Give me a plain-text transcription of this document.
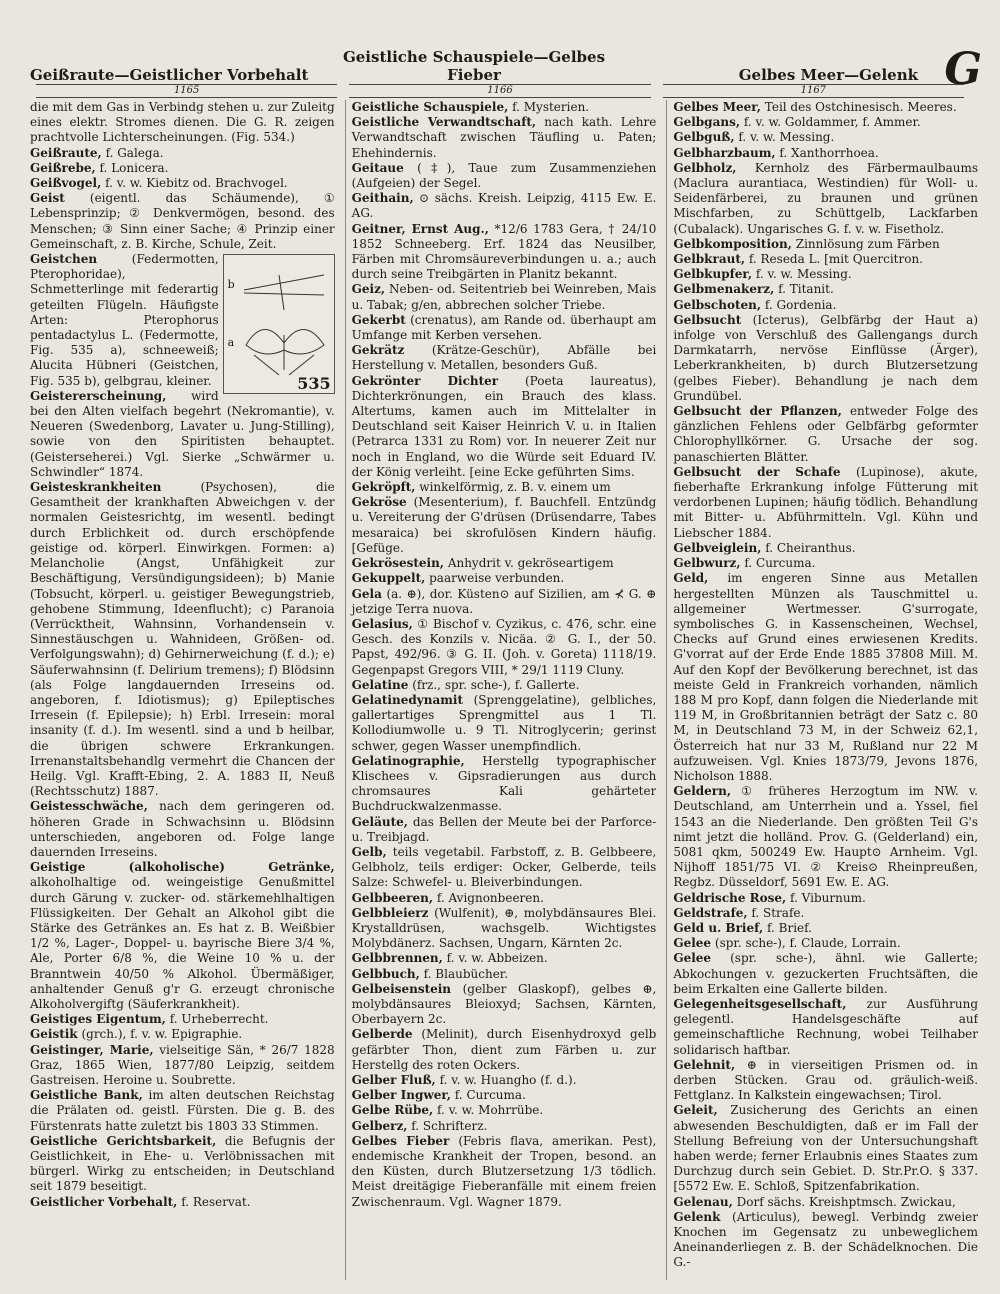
Geißraute—Geistlicher Vorbehalt
Geistliche Schauspiele—Gelbes Fieber	Gelbes Meer—Gelenk G
1165	1166	1167
die mit dem Gas in Verbindg stehen u. zur Zuleitg eines elektr. Stromes dienen. Die G. R. zeigen prachtvolle Lichterscheinungen. (Fig. 534.)
Geißraute, f. Galega.
Geißrebe, f. Lonicera.
Geißvogel, f. v. w. Kiebitz od. Brachvogel.
Geist (eigentl. das Schäumende), ① Lebensprinzip; ② Denkvermögen, besond. des Menschen; ③ Sinn einer Sache; ④ Prinzip einer Gemeinschaft, z. B. Kirche, Schule, Zeit.
b
a
535
Geistchen	(Federmotten, Pterophoridae), Schmetterlinge mit federartig geteilten Flügeln. Häufigste Arten: Pterophorus pentadactylus L. (Federmotte, Fig. 535 a), schneeweiß; Alucita Hübneri (Geistchen, Fig. 535 b), gelbgrau, kleiner.
Geistererscheinung, wird bei den Alten vielfach begehrt (Nekromantie), v. Neueren (Swedenborg, Lavater u. Jung-Stilling), sowie von den Spiritisten behauptet. (Geisterseherei.) Vgl. Sierke „Schwärmer u. Schwindler“ 1874.
Geisteskrankheiten	(Psychosen), die Gesamtheit der krankhaften Abweichgen v. der normalen Geistesrichtg, im wesentl. bedingt durch Erblichkeit od. durch erschöpfende geistige od. körperl. Einwirkgen. Formen: a) Melancholie (Angst, Unfähigkeit zur Beschäftigung, Versündigungsideen); b) Manie (Tobsucht, körperl. u. geistiger Bewegungstrieb, gehobene Stimmung, Ideenflucht); c) Paranoia (Verrücktheit, Wahnsinn, Vorhandensein v. Sinnestäuschgen u. Wahnideen, Größen- od. Verfolgungswahn); d) Gehirnerweichung (f. d.); e) Säuferwahnsinn (f. Delirium tremens); f) Blödsinn (als Folge langdauernden Irreseins od. angeboren, f. Idiotismus); g) Epileptisches Irresein (f. Epilepsie); h) Erbl. Irresein: moral insanity (f. d.). Im wesentl. sind a und b heilbar, die übrigen schwere Erkrankungen. Irrenanstaltsbehandlg vermehrt die Chancen der Heilg. Vgl. Krafft-Ebing, 2. A. 1883 II, Neuß (Rechtsschutz) 1887.
Geistesschwäche, nach dem geringeren od. höheren Grade in Schwachsinn u. Blödsinn unterschieden, angeboren od. Folge lange dauernden Irreseins.
Geistige (alkoholische) Getränke, alkoholhaltige od. weingeistige Genußmittel durch Gärung v. zucker- od. stärkemehlhaltigen Flüssigkeiten. Der Gehalt an Alkohol gibt die Stärke des Getränkes an. Es hat z. B. Weißbier 1/2 %, Lager-, Doppel- u. bayrische Biere 3/4 %, Ale, Porter 6/8 %, die Weine 10 % u. der Branntwein 40/50 % Alkohol. Übermäßiger, anhaltender Genuß g'r G. erzeugt chronische Alkoholvergiftg (Säuferkrankheit).
Geistiges Eigentum, f. Urheberrecht.
Geistik (grch.), f. v. w. Epigraphie.
Geistinger, Marie, vielseitige Sän, * 26/7 1828 Graz, 1865 Wien, 1877/80 Leipzig, seitdem Gastreisen. Heroine u. Soubrette.
Geistliche Bank, im alten deutschen Reichstag die Prälaten od. geistl. Fürsten. Die g. B. des Fürstenrats hatte zuletzt bis 1803 33 Stimmen.
Geistliche Gerichtsbarkeit, die Befugnis der Geistlichkeit, in Ehe- u. Verlöbnissachen mit bürgerl. Wirkg zu entscheiden; in Deutschland seit 1879 beseitigt.
Geistlicher Vorbehalt, f. Reservat.
Geistliche Schauspiele, f. Mysterien.
Geistliche Verwandtschaft, nach kath. Lehre Verwandtschaft zwischen Täufling u. Paten; Ehehindernis.
Geitaue (‡), Taue zum Zusammenziehen (Aufgeien) der Segel.
Geithain, ⊙ sächs. Kreish. Leipzig, 4115 Ew. E. AG.
Geitner, Ernst Aug., *12/6 1783 Gera, † 24/10 1852 Schneeberg. Erf. 1824 das Neusilber, Färben mit Chromsäureverbindungen u. a.; auch durch seine Treibgärten in Planitz bekannt.
Geiz, Neben- od. Seitentrieb bei Weinreben, Mais u. Tabak; g/en, abbrechen solcher Triebe.
Gekerbt (crenatus), am Rande od. überhaupt am Umfange mit Kerben versehen.
Gekrätz (Krätze-Geschür), Abfälle bei Herstellung v. Metallen, besonders Guß.
Gekrönter Dichter (Poeta laureatus), Dichterkrönungen, ein Brauch des klass. Altertums, kamen auch im Mittelalter in Deutschland seit Kaiser Heinrich V. u. in Italien (Petrarca 1331 zu Rom) vor. In neuerer Zeit nur noch in England, wo die Würde seit Eduard IV. der König verleiht. [eine Ecke geführten Sims.
Gekröpft, winkelförmig, z. B. v. einem um
Gekröse (Mesenterium), f. Bauchfell. Entzündg u. Vereiterung der G'drüsen (Drüsendarre, Tabes mesaraica) bei skrofulösen Kindern häufig. [Gefüge.
Gekrösestein, Anhydrit v. gekröseartigem
Gekuppelt, paarweise verbunden.
Gela (a. ⊕), dor. Küsten⊙ auf Sizilien, am ⊀ G. ⊕ jetzige Terra nuova.
Gelasius, ① Bischof v. Cyzikus, c. 476, schr. eine Gesch. des Konzils v. Nicäa. ② G. I., der 50. Papst, 492/96. ③ G. II. (Joh. v. Goreta) 1118/19. Gegenpapst Gregors VIII, * 29/1 1119 Cluny.
Gelatine (frz., spr. sche-), f. Gallerte.
Gelatinedynamit (Sprenggelatine), gelbliches, gallertartiges Sprengmittel aus 1 Tl. Kollodiumwolle u. 9 Tl. Nitroglycerin; gerinst schwer, gegen Wasser unempfindlich.
Gelatinographie, Herstellg typographischer Klischees v. Gipsradierungen aus durch chromsaures Kali gehärteter Buchdruckwalzenmasse.
Geläute, das Bellen der Meute bei der Parforce- u. Treibjagd.
Gelb, teils vegetabil. Farbstoff, z. B. Gelbbeere, Gelbholz, teils erdiger: Ocker, Gelberde, teils Salze: Schwefel- u. Bleiverbindungen.
Gelbbeeren, f. Avignonbeeren.
Gelbbleierz (Wulfenit), ⊕, molybdänsaures Blei. Krystalldrüsen, wachsgelb. Wichtigstes Molybdänerz. Sachsen, Ungarn, Kärnten 2c.
Gelbbrennen, f. v. w. Abbeizen.
Gelbbuch, f. Blaubücher.
Gelbeisenstein (gelber Glaskopf), gelbes ⊕, molybdänsaures Bleioxyd; Sachsen, Kärnten, Oberbayern 2c.
Gelberde (Melinit), durch Eisenhydroxyd gelb gefärbter Thon, dient zum Färben u. zur Herstellg des roten Ockers.
Gelber Fluß, f. v. w. Huangho (f. d.).
Gelber Ingwer, f. Curcuma.
Gelbe Rübe, f. v. w. Mohrrübe.
Gelberz, f. Schrifterz.
Gelbes Fieber (Febris flava, amerikan. Pest), endemische Krankheit der Tropen, besond. an den Küsten, durch Blutzersetzung 1/3 tödlich. Meist dreitägige Fieberanfälle mit einem freien Zwischenraum. Vgl. Wagner 1879.
Gelbes Meer, Teil des Ostchinesisch. Meeres.
Gelbgans, f. v. w. Goldammer, f. Ammer.
Gelbguß, f. v. w. Messing.
Gelbharzbaum, f. Xanthorrhoea.
Gelbholz, Kernholz des Färbermaulbaums (Maclura aurantiaca, Westindien) für Woll- u. Seidenfärberei, zu braunen und grünen Mischfarben, zu Schüttgelb, Lackfarben (Cubalack). Ungarisches G. f. v. w. Fisetholz.
Gelbkomposition, Zinnlösung zum Färben
Gelbkraut, f. Reseda L. [mit Quercitron.
Gelbkupfer, f. v. w. Messing.
Gelbmenakerz, f. Titanit.
Gelbschoten, f. Gordenia.
Gelbsucht (Icterus), Gelbfärbg der Haut a) infolge von Verschluß des Gallengangs durch Darmkatarrh, nervöse Einflüsse (Ärger), Leberkrankheiten, b) durch Blutzersetzung (gelbes Fieber). Behandlung je nach dem Grundübel.
Gelbsucht der Pflanzen, entweder Folge des gänzlichen Fehlens oder Gelbfärbg geformter Chlorophyllkörner. G. Ursache der sog. panaschierten Blätter.
Gelbsucht der Schafe (Lupinose), akute, fieberhafte Erkrankung infolge Fütterung mit verdorbenen Lupinen; häufig tödlich. Behandlung mit Bitter- u. Abführmitteln. Vgl. Kühn und Liebscher 1884.
Gelbveiglein, f. Cheiranthus.
Gelbwurz, f. Curcuma.
Geld, im engeren Sinne aus Metallen hergestellten Münzen als Tauschmittel u. allgemeiner Wertmesser. G'surrogate, symbolisches G. in Kassenscheinen, Wechsel, Checks auf Grund eines erwiesenen Kredits. G'vorrat auf der Erde Ende 1885 37808 Mill. M. Auf den Kopf der Bevölkerung berechnet, ist das meiste Geld in Frankreich vorhanden, nämlich 188 M pro Kopf, dann folgen die Niederlande mit 119 M, in Großbritannien beträgt der Satz c. 80 M, in Deutschland 73 M, in der Schweiz 62,1, Österreich hat nur 33 M, Rußland nur 22 M aufzuweisen. Vgl. Knies 1873/79, Jevons 1876, Nicholson 1888.
Geldern, ① früheres Herzogtum im NW. v. Deutschland, am Unterrhein und a. Yssel, fiel 1543 an die Niederlande. Den größten Teil G's nimt jetzt die holländ. Prov. G. (Gelderland) ein, 5081 qkm, 500249 Ew. Haupt⊙ Arnheim. Vgl. Nijhoff 1851/75 VI. ② Kreis⊙ Rheinpreußen, Regbz. Düsseldorf, 5691 Ew. E. AG.
Geldrische Rose, f. Viburnum.
Geldstrafe, f. Strafe.
Geld u. Brief, f. Brief.
Gelee (spr. sche-), f. Claude, Lorrain.
Gelee (spr. sche-), ähnl. wie Gallerte; Abkochungen v. gezuckerten Fruchtsäften, die beim Erkalten eine Gallerte bilden.
Gelegenheitsgesellschaft, zur Ausführung gelegentl. Handelsgeschäfte auf gemeinschaftliche Rechnung, wobei Teilhaber solidarisch haftbar.
Gelehnit, ⊕ in vierseitigen Prismen od. in derben Stücken. Grau od. gräulich-weiß. Fettglanz. In Kalkstein eingewachsen; Tirol.
Geleit, Zusicherung des Gerichts an einen abwesenden Beschuldigten, daß er im Fall der Stellung Befreiung von der Untersuchungshaft haben werde; ferner Erlaubnis eines Staates zum Durchzug durch sein Gebiet. D. Str.Pr.O. § 337. [5572 Ew. E. Schloß, Spitzenfabrikation.
Gelenau, Dorf sächs. Kreishptmsch. Zwickau,
Gelenk (Articulus), bewegl. Verbindg zweier Knochen im Gegensatz zu unbeweglichem Aneinanderliegen z. B. der Schädelknochen. Die G.-
